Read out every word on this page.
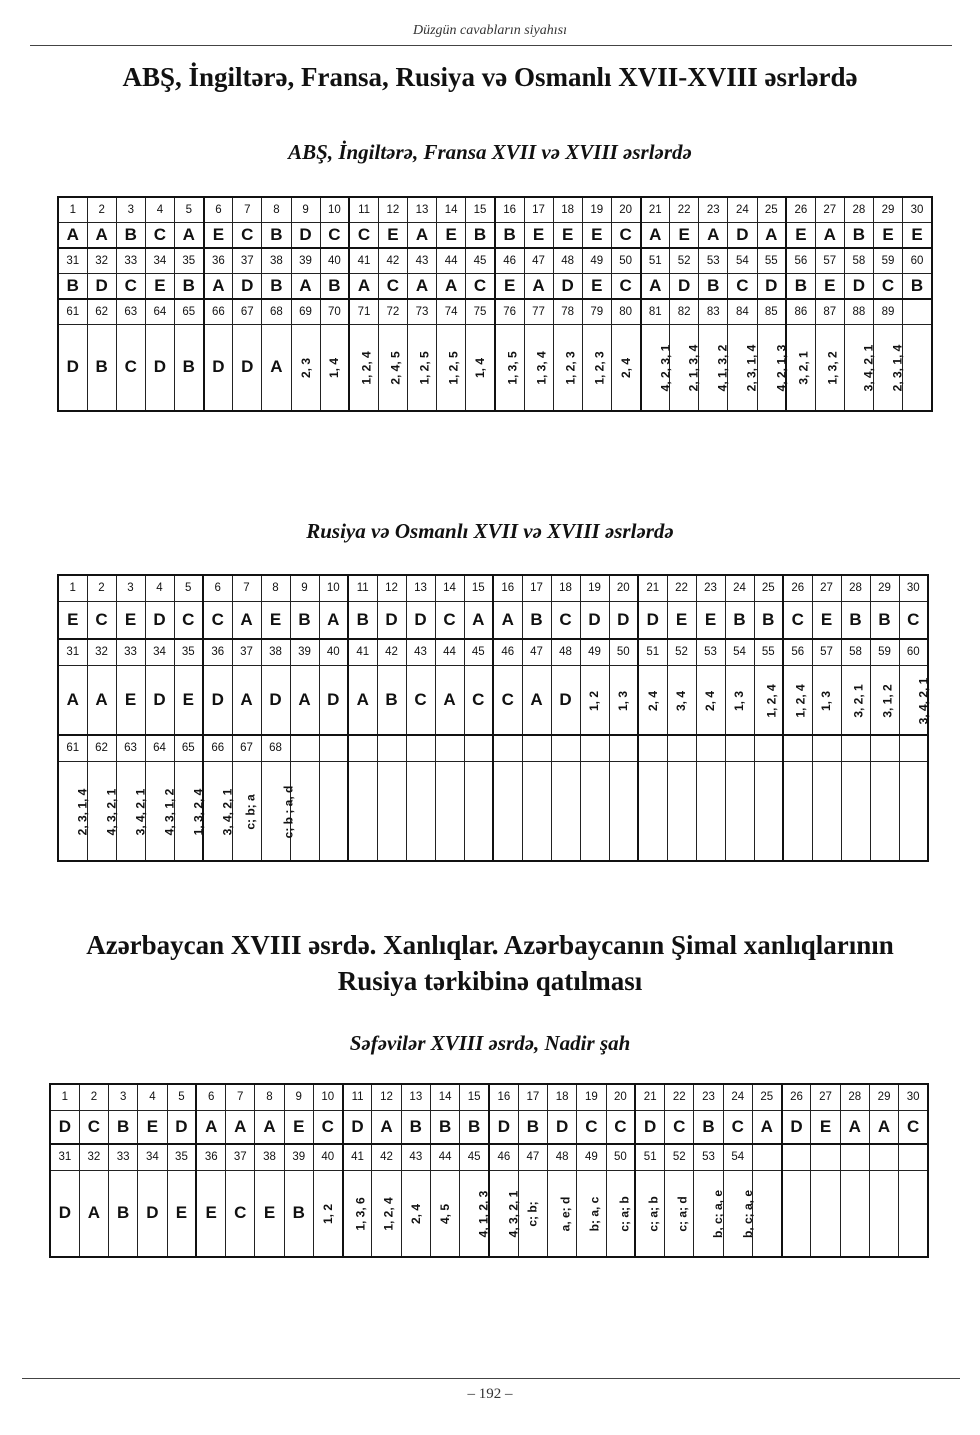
Düzgün cavabların siyahısı
ABŞ, İngiltərə, Fransa, Rusiya və Osmanlı XVII-XVIII əsrlərdə
ABŞ, İngiltərə, Fransa XVII və XVIII əsrlərdə
1	2	3	4	5	6	7	8	9	10	11	12	13	14	15	16	17	18	19	20	21	22	23	24	25	26	27	28	29	30
A	A	B	C	A	E	C	B	D	C	C	E	A	E	B	B	E	E	E	C	A	E	A	D	A	E	A	B	E	E
31	32	33	34	35	36	37	38	39	40	41	42	43	44	45	46	47	48	49	50	51	52	53	54	55	56	57	58	59	60
B	D	C	E	B	A	D	B	A	B	A	C	A	A	C	E	A	D	E	C	A	D	B	C	D	B	E	D	C	B
61	62	63	64	65	66	67	68	69	70	71	72	73	74	75	76	77	78	79	80	81	82	83	84	85	86	87	88	89	
D	B	C	D	B	D	D	A	2, 3	1, 4	1, 2, 4	2, 4, 5	1, 2, 5	1, 2, 5	1, 4	1, 3, 5	1, 3, 4	1, 2, 3	1, 2, 3	2, 4	4, 2, 3, 1	2, 1, 3, 4	4, 1, 3, 2	2, 3, 1, 4	4, 2, 1, 3	3, 2, 1	1, 3, 2	3, 4, 2, 1	2, 3, 1, 4	
Rusiya və Osmanlı XVII və XVIII əsrlərdə
1	2	3	4	5	6	7	8	9	10	11	12	13	14	15	16	17	18	19	20	21	22	23	24	25	26	27	28	29	30
E	C	E	D	C	C	A	E	B	A	B	D	D	C	A	A	B	C	D	D	D	E	E	B	B	C	E	B	B	C
31	32	33	34	35	36	37	38	39	40	41	42	43	44	45	46	47	48	49	50	51	52	53	54	55	56	57	58	59	60
A	A	E	D	E	D	A	D	A	D	A	B	C	A	C	C	A	D	1, 2	1, 3	2, 4	3, 4	2, 4	1, 3	1, 2, 4	1, 2, 4	1, 3	3, 2, 1	3, 1, 2	3, 4, 2, 1
61	62	63	64	65	66	67	68																						
2, 3, 1, 4	4, 3, 2, 1	3, 4, 2, 1	4, 3, 1, 2	1, 3, 2, 4	3, 4, 2, 1	c; b; a	c; b ; a, d																						
Azərbaycan XVIII əsrdə. Xanlıqlar. Azərbaycanın Şimal xanlıqlarının
Rusiya tərkibinə qatılması
Səfəvilər XVIII əsrdə, Nadir şah
1	2	3	4	5	6	7	8	9	10	11	12	13	14	15	16	17	18	19	20	21	22	23	24	25	26	27	28	29	30
D	C	B	E	D	A	A	A	E	C	D	A	B	B	B	D	B	D	C	C	D	C	B	C	A	D	E	A	A	C
31	32	33	34	35	36	37	38	39	40	41	42	43	44	45	46	47	48	49	50	51	52	53	54						
D	A	B	D	E	E	C	E	B	1, 2	1, 3, 6	1, 2, 4	2, 4	4, 5	4, 1, 2, 3	4, 3, 2, 1	c; b;	a, e; d	b; a, c	c; a; b	c; a; b	c; a; d	b, c; a, e	b, c; a, e						
– 192 –
